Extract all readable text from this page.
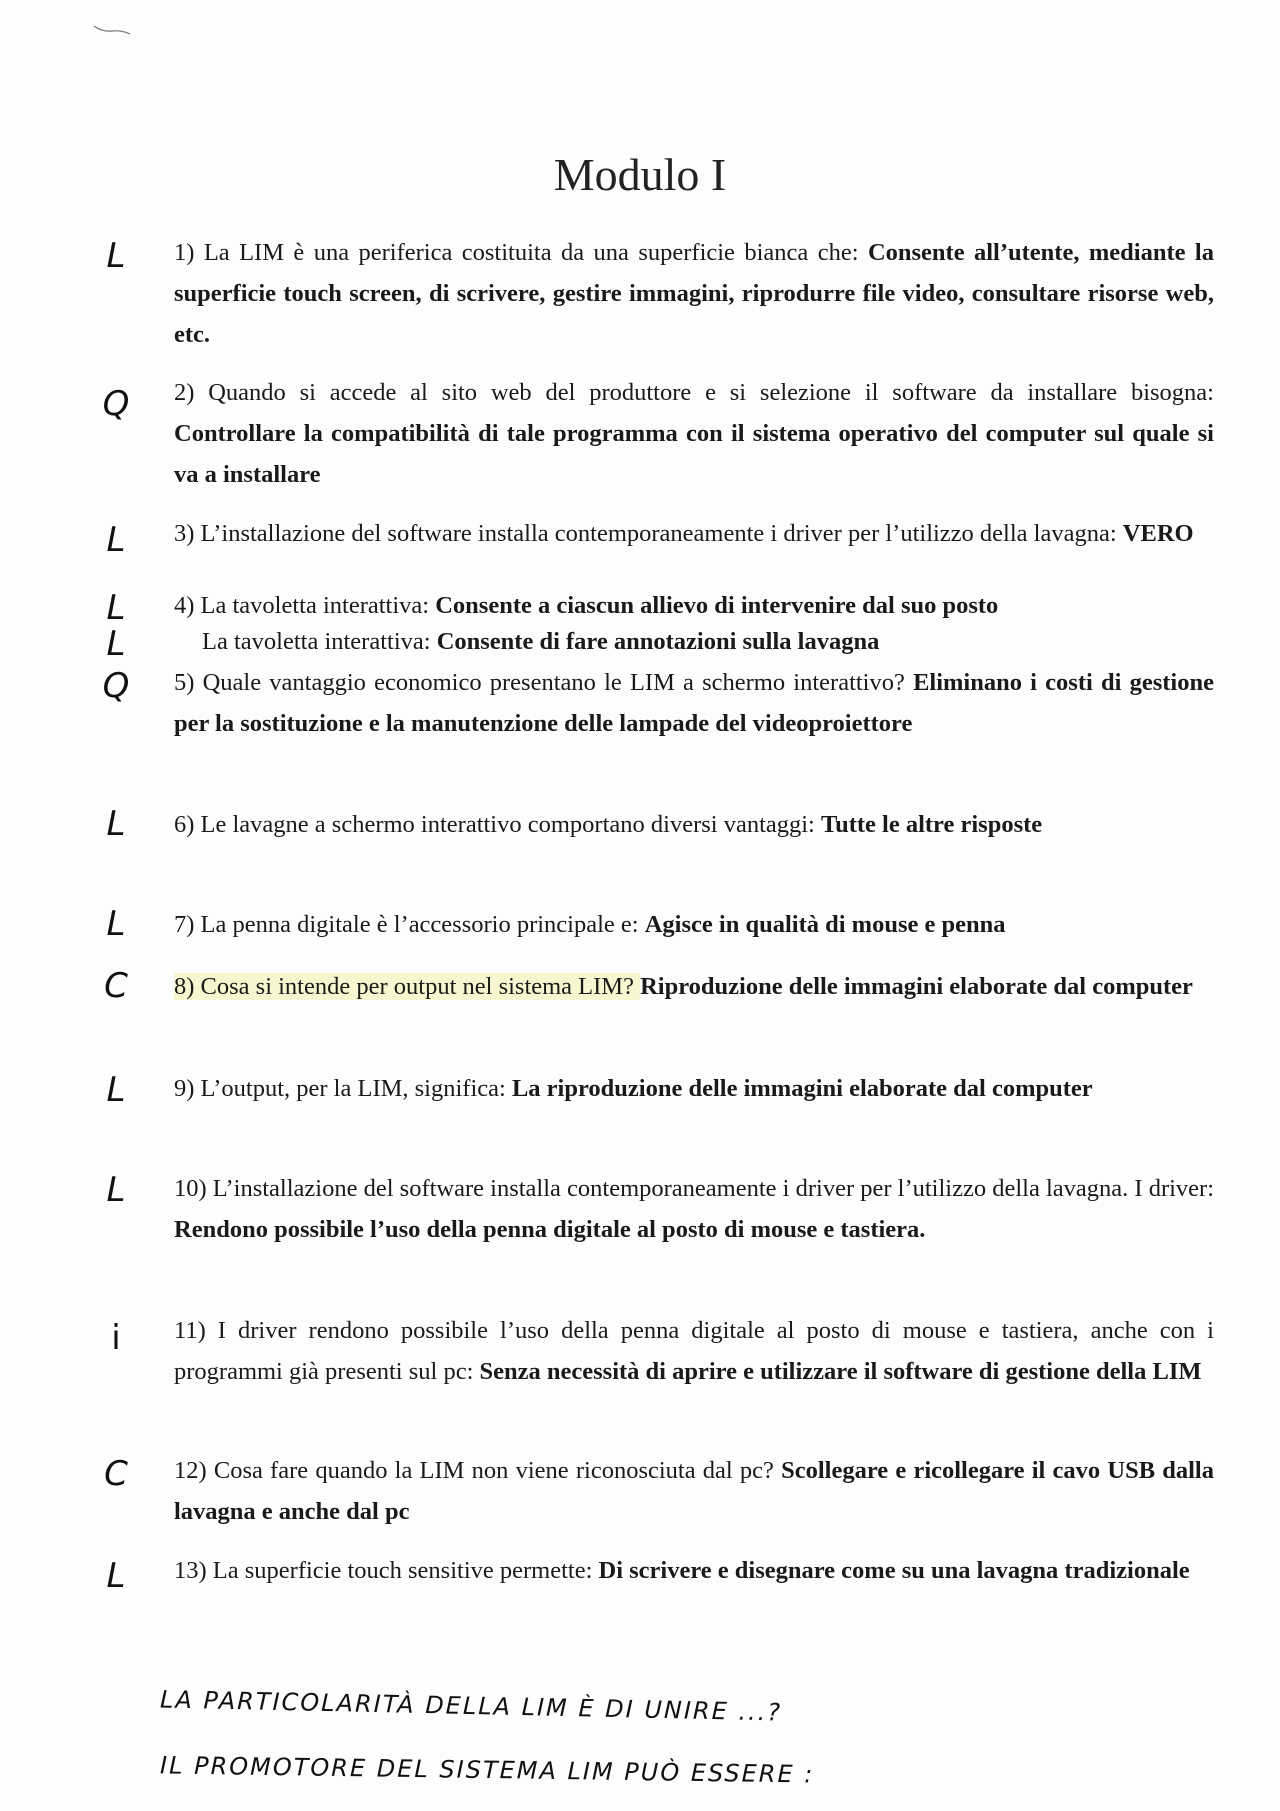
Modulo I
L	1) La LIM è una periferica costituita da una superficie bianca che: Consente all’utente, mediante la superficie touch screen, di scrivere, gestire immagini, riprodurre file video, consultare risorse web, etc.
Q 2) Quando si accede al sito web del produttore e si selezione il software da installare bisogna: Controllare la compatibilità di tale programma con il sistema operativo del computer sul quale si va a installare
L	3) L’installazione del software installa contemporaneamente i driver per l’utilizzo della lavagna: VERO
L	4) La tavoletta interattiva: Consente a ciascun allievo di intervenire dal suo posto
L	La tavoletta interattiva: Consente di fare annotazioni sulla lavagna
Q 5) Quale vantaggio economico presentano le LIM a schermo interattivo? Eliminano i costi di gestione per la sostituzione e la manutenzione delle lampade del videoproiettore
L	6) Le lavagne a schermo interattivo comportano diversi vantaggi: Tutte le altre risposte
L	7) La penna digitale è l’accessorio principale e: Agisce in qualità di mouse e penna
C	8) Cosa si intende per output nel sistema LIM? Riproduzione delle immagini elaborate dal computer
L	9) L’output, per la LIM, significa: La riproduzione delle immagini elaborate dal computer
L	10) L’installazione del software installa contemporaneamente i driver per l’utilizzo della lavagna. I driver: Rendono possibile l’uso della penna digitale al posto di mouse e tastiera.
i	11) I driver rendono possibile l’uso della penna digitale al posto di mouse e tastiera, anche con i programmi già presenti sul pc: Senza necessità di aprire e utilizzare il software di gestione della LIM
C	12) Cosa fare quando la LIM non viene riconosciuta dal pc? Scollegare e ricollegare il cavo USB dalla lavagna e anche dal pc
L	13) La superficie touch sensitive permette: Di scrivere e disegnare come su una lavagna tradizionale
LA PARTICOLARITÀ DELLA LIM È DI UNIRE ...?
IL PROMOTORE DEL SISTEMA LIM PUÒ ESSERE :
